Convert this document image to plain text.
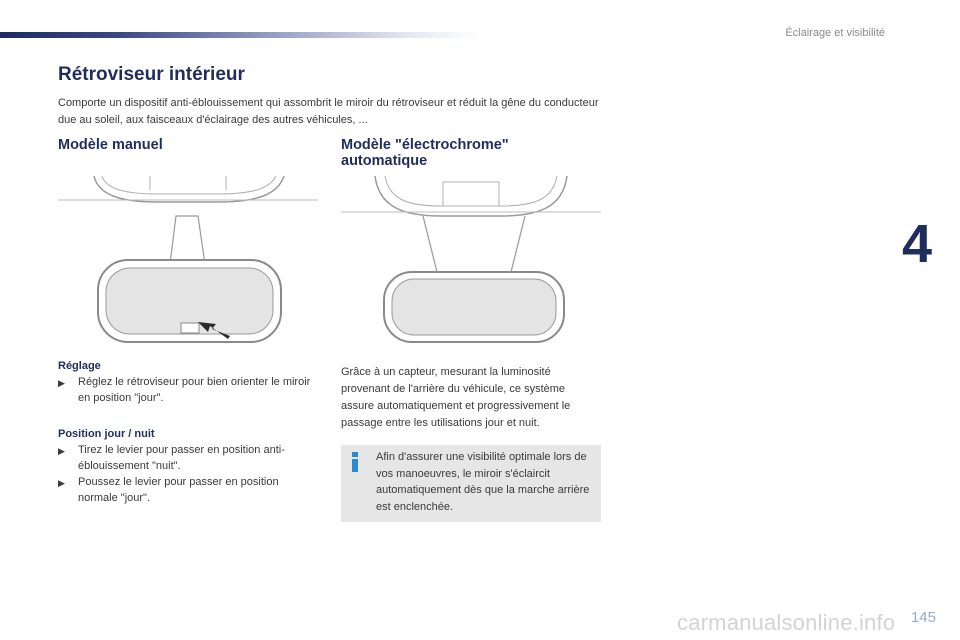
Éclairage et visibilité
4
Rétroviseur intérieur
Comporte un dispositif anti-éblouissement qui assombrit le miroir du rétroviseur et réduit la gêne du conducteur due au soleil, aux faisceaux d'éclairage des autres véhicules, ...
Modèle manuel	Modèle "électrochrome"
automatique
Réglage
▶	Réglez le rétroviseur pour bien orienter le miroir en position "jour".
Position jour / nuit
▶	Tirez le levier pour passer en position anti-éblouissement "nuit".
▶	Poussez le levier pour passer en position normale "jour".
Grâce à un capteur, mesurant la luminosité provenant de l'arrière du véhicule, ce système assure automatiquement et progressivement le passage entre les utilisations jour et nuit.
Afin d'assurer une visibilité optimale lors de vos manoeuvres, le miroir s'éclaircit automatiquement dès que la marche arrière est enclenchée.
carmanualsonline.info 145
